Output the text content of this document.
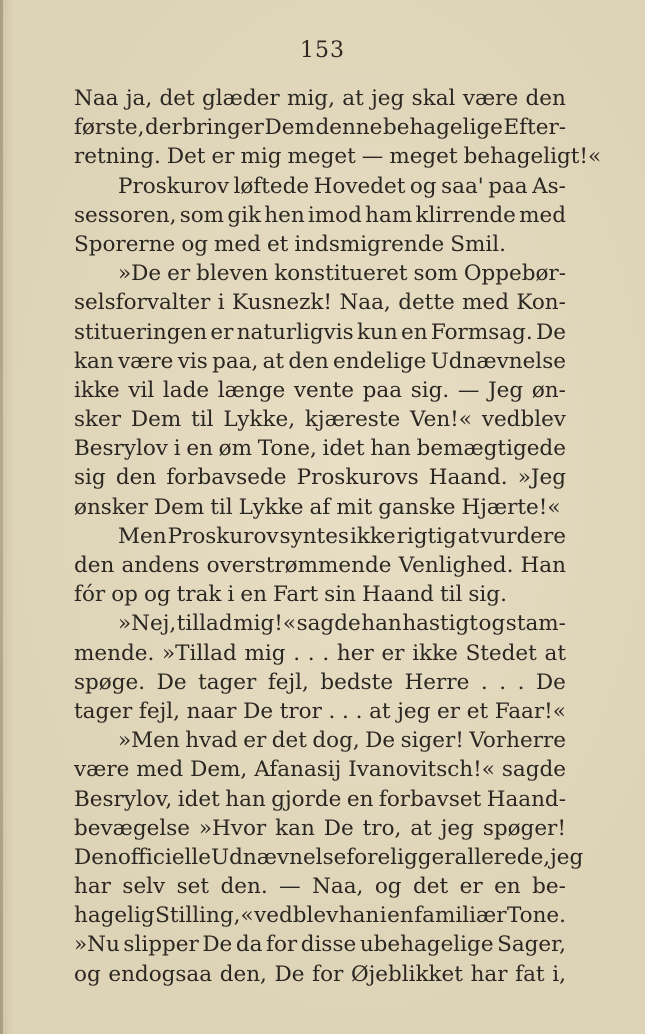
153
Naa ja, det glæder mig, at jeg skal være den
første, der bringer Dem denne behagelige Efter-
retning. Det er mig meget — meget behageligt!«
Proskurov løftede Hovedet og saa' paa As-
sessoren, som gik hen imod ham klirrende med
Sporerne og med et indsmigrende Smil.
»De er bleven konstitueret som Oppebør-
selsforvalter i Kusnezk! Naa, dette med Kon-
stitueringen er naturligvis kun en Formsag. De
kan være vis paa, at den endelige Udnævnelse
ikke vil lade længe vente paa sig. — Jeg øn-
sker Dem til Lykke, kjæreste Ven!« vedblev
Besrylov i en øm Tone, idet han bemægtigede
sig den forbavsede Proskurovs Haand. »Jeg
ønsker Dem til Lykke af mit ganske Hjærte!«
Men Proskurov syntes ikke rigtig at vurdere
den andens overstrømmende Venlighed. Han
fór op og trak i en Fart sin Haand til sig.
»Nej, tillad mig!« sagde han hastigt og stam-
mende. »Tillad mig . . . her er ikke Stedet at
spøge. De tager fejl, bedste Herre . . . De
tager fejl, naar De tror . . . at jeg er et Faar!«
»Men hvad er det dog, De siger! Vorherre
være med Dem, Afanasij Ivanovitsch!« sagde
Besrylov, idet han gjorde en forbavset Haand-
bevægelse »Hvor kan De tro, at jeg spøger!
Den officielle Udnævnelse foreligger allerede, jeg
har selv set den. — Naa, og det er en be-
hagelig Stilling,« vedblev han i en familiær Tone.
»Nu slipper De da for disse ubehagelige Sager,
og endogsaa den, De for Øjeblikket har fat i,
